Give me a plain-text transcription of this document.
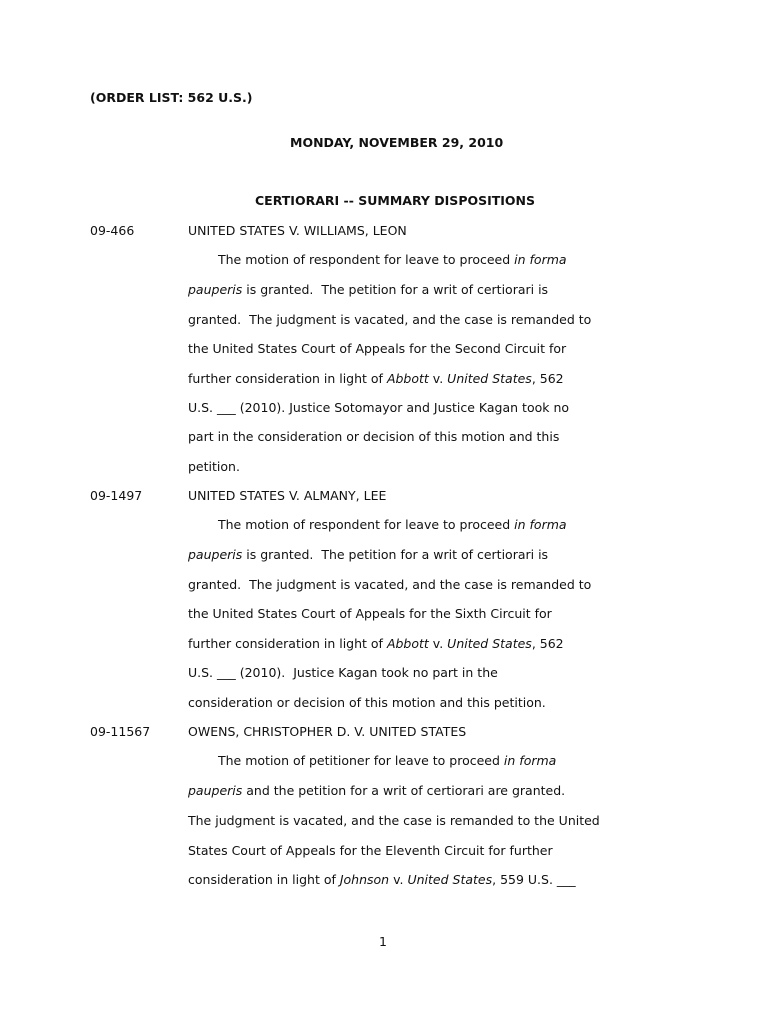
(ORDER LIST: 562 U.S.)
MONDAY, NOVEMBER 29, 2010
CERTIORARI -- SUMMARY DISPOSITIONS
09-466	UNITED STATES V. WILLIAMS, LEON
The motion of respondent for leave to proceed in forma
pauperis is granted.  The petition for a writ of certiorari is
granted.  The judgment is vacated, and the case is remanded to
the United States Court of Appeals for the Second Circuit for
further consideration in light of Abbott v. United States, 562
U.S. ___ (2010). Justice Sotomayor and Justice Kagan took no
part in the consideration or decision of this motion and this
petition.
09-1497	UNITED STATES V. ALMANY, LEE
The motion of respondent for leave to proceed in forma
pauperis is granted.  The petition for a writ of certiorari is
granted.  The judgment is vacated, and the case is remanded to
the United States Court of Appeals for the Sixth Circuit for
further consideration in light of Abbott v. United States, 562
U.S. ___ (2010).  Justice Kagan took no part in the
consideration or decision of this motion and this petition.
09-11567	OWENS, CHRISTOPHER D. V. UNITED STATES
The motion of petitioner for leave to proceed in forma
pauperis and the petition for a writ of certiorari are granted.
The judgment is vacated, and the case is remanded to the United
States Court of Appeals for the Eleventh Circuit for further
consideration in light of Johnson v. United States, 559 U.S. ___
1
